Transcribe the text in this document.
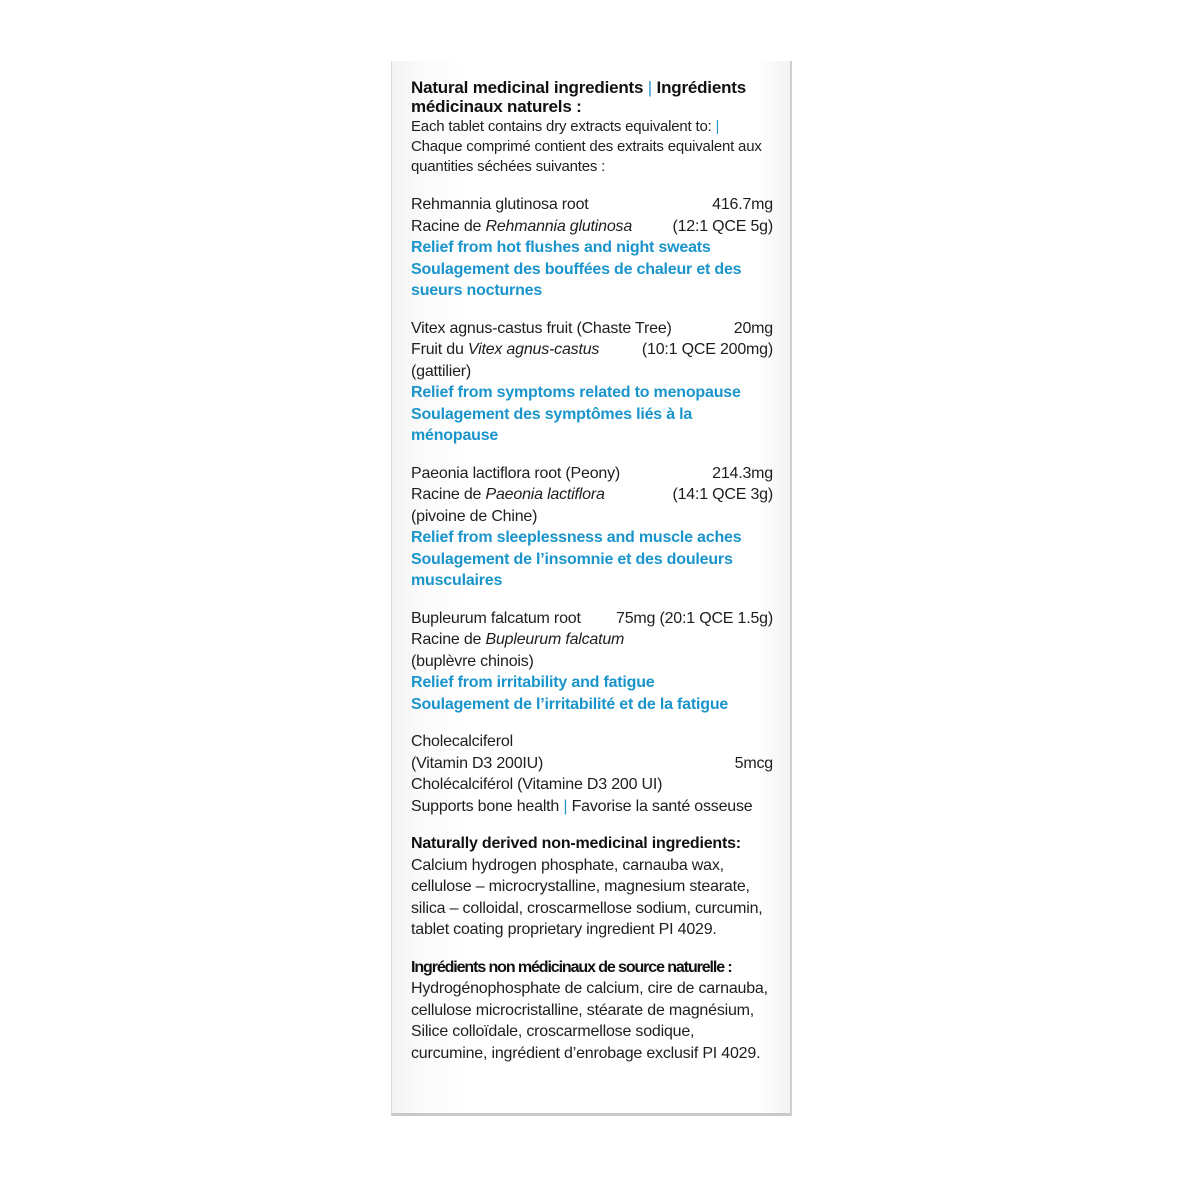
Natural medicinal ingredients | Ingrédients médicinaux naturels :
Each tablet contains dry extracts equivalent to: | Chaque comprimé contient des extraits equivalent aux quantities séchées suivantes :
Rehmannia glutinosa root	416.7mg
Racine de Rehmannia glutinosa	(12:1 QCE 5g)
Relief from hot flushes and night sweats
Soulagement des bouffées de chaleur et des sueurs nocturnes
Vitex agnus-castus fruit (Chaste Tree)	20mg
Fruit du Vitex agnus-castus	(10:1 QCE 200mg)
(gattilier)
Relief from symptoms related to menopause
Soulagement des symptômes liés à la ménopause
Paeonia lactiflora root (Peony)	214.3mg
Racine de Paeonia lactiflora	(14:1 QCE 3g)
(pivoine de Chine)
Relief from sleeplessness and muscle aches
Soulagement de l’insomnie et des douleurs musculaires
Bupleurum falcatum root 75mg (20:1 QCE 1.5g)
Racine de Bupleurum falcatum
(buplèvre chinois)
Relief from irritability and fatigue
Soulagement de l’irritabilité et de la fatigue
Cholecalciferol
(Vitamin D3 200IU)	5mcg
Cholécalciférol (Vitamine D3 200 UI)
Supports bone health | Favorise la santé osseuse
Naturally derived non-medicinal ingredients:
Calcium hydrogen phosphate, carnauba wax, cellulose – microcrystalline, magnesium stearate, silica – colloidal, croscarmellose sodium, curcumin, tablet coating proprietary ingredient PI 4029.
Ingrédients non médicinaux de source naturelle :
Hydrogénophosphate de calcium, cire de carnauba, cellulose microcristalline, stéarate de magnésium, Silice colloïdale, croscarmellose sodique, curcumine, ingrédient d’enrobage exclusif PI 4029.
